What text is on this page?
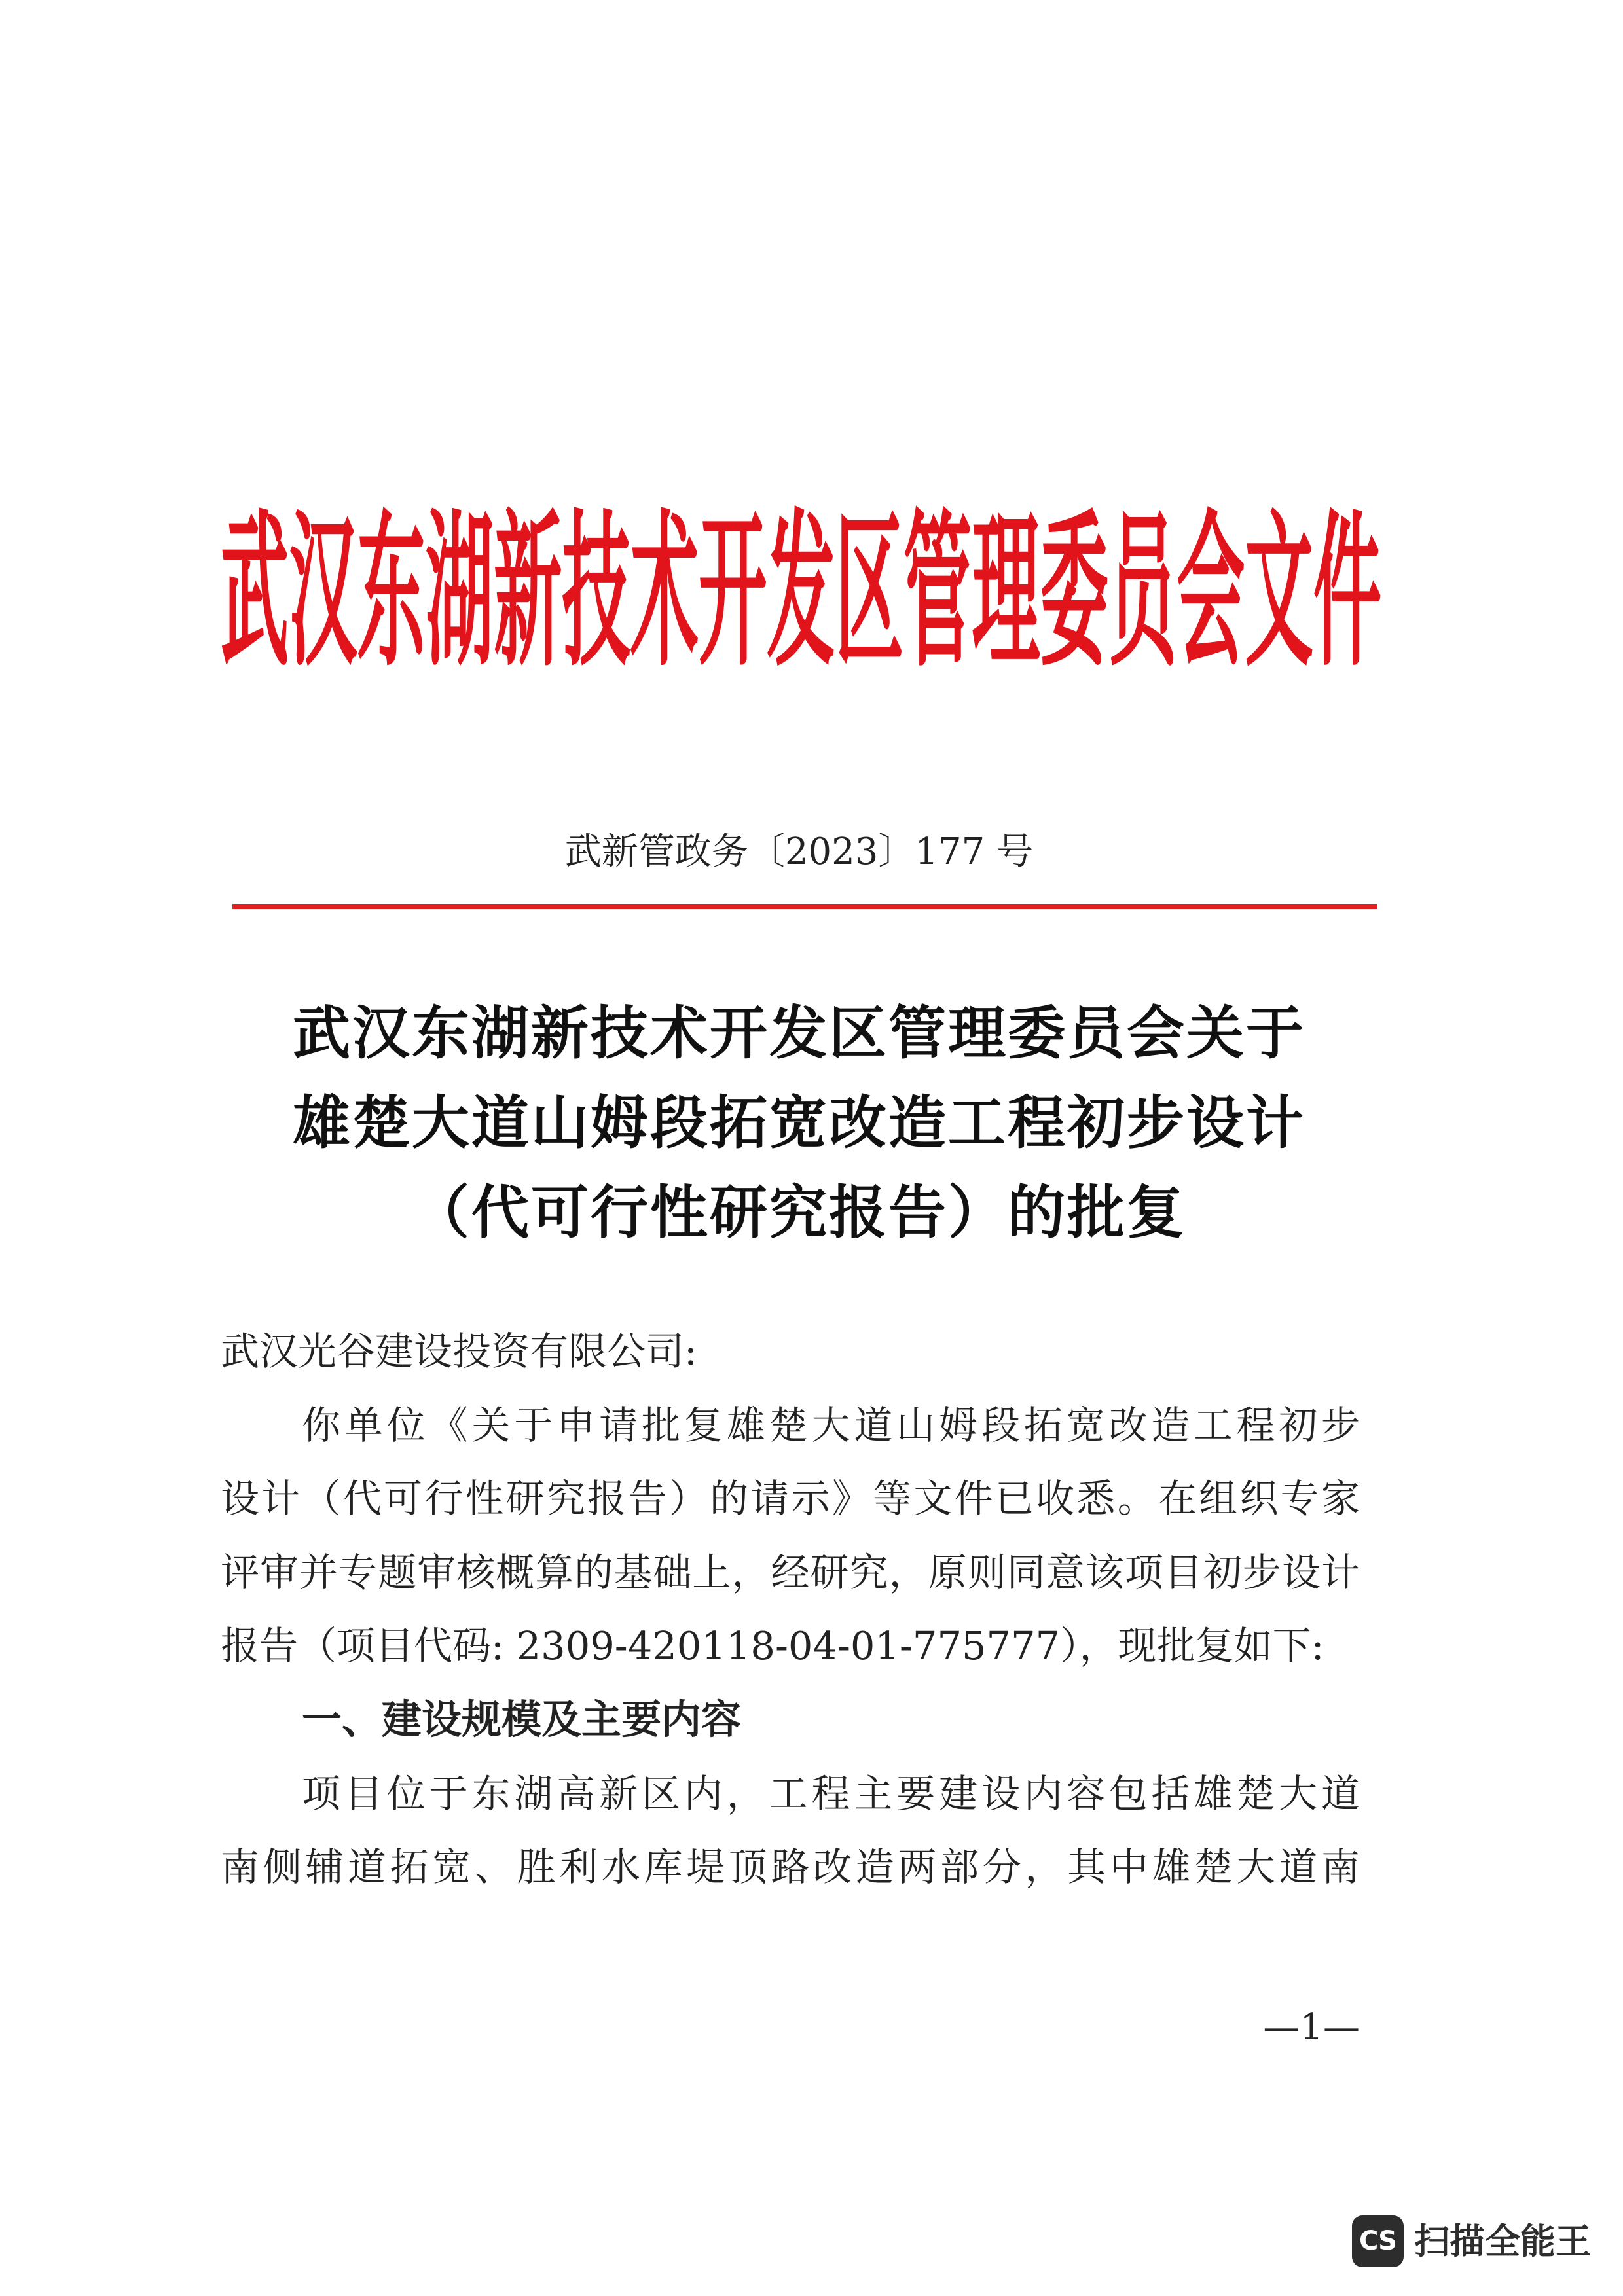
武汉东湖新技术开发区管理委员会文件
武新管政务〔2023〕177 号
武汉东湖新技术开发区管理委员会关于
雄楚大道山姆段拓宽改造工程初步设计
（代可行性研究报告）的批复
武汉光谷建设投资有限公司:
你单位《关于申请批复雄楚大道山姆段拓宽改造工程初步
设计（代可行性研究报告）的请示》等文件已收悉。在组织专家
评审并专题审核概算的基础上，经研究，原则同意该项目初步设计
报告（项目代码: 2309-420118-04-01-775777），现批复如下:
一、建设规模及主要内容
项目位于东湖高新区内，工程主要建设内容包括雄楚大道
南侧辅道拓宽、胜利水库堤顶路改造两部分，其中雄楚大道南
—1—
CS 扫描全能王
